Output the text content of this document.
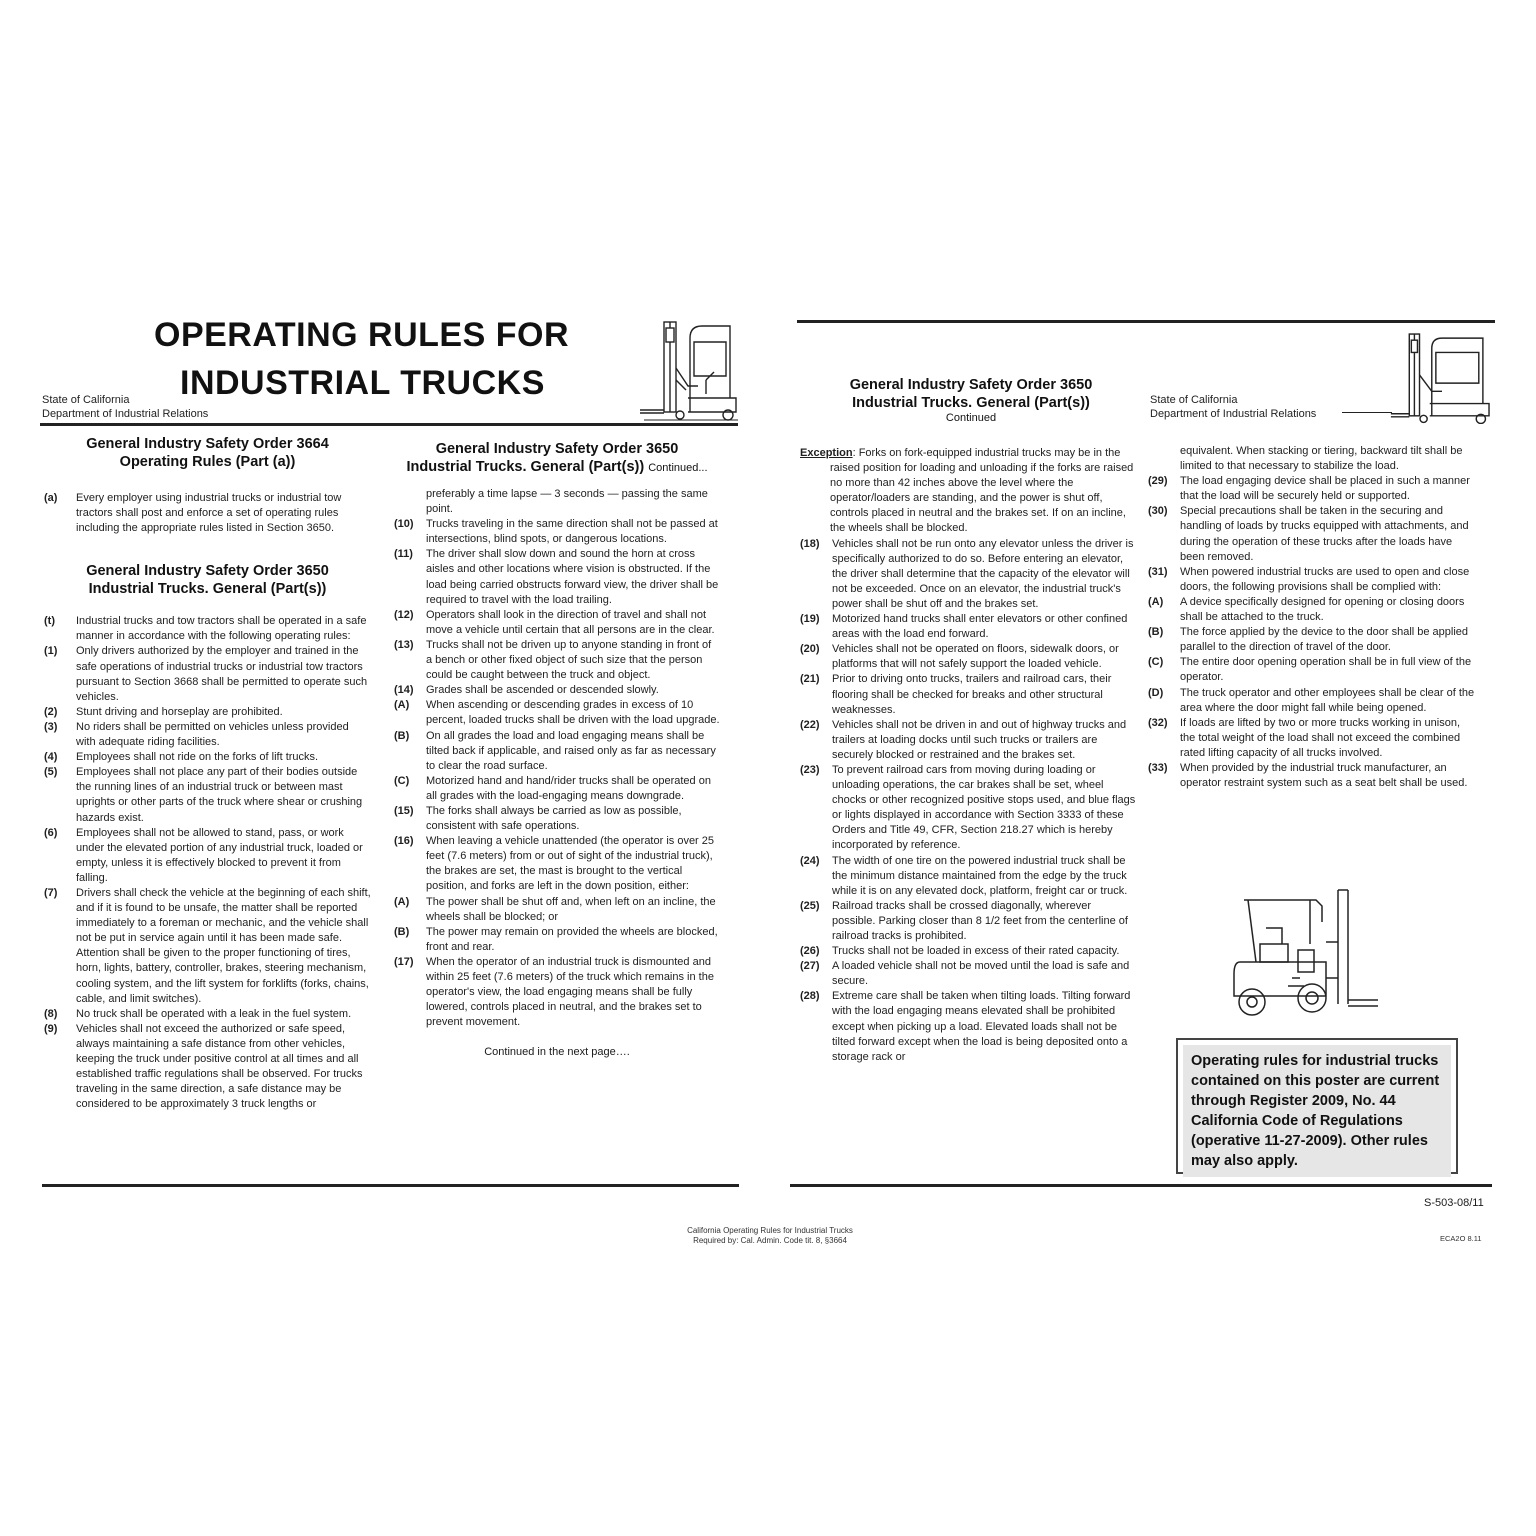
OPERATING RULES FOR
INDUSTRIAL TRUCKS
State of California
Department of Industrial Relations
General Industry Safety Order 3664
Operating Rules (Part (a))
(a)	Every employer using industrial trucks or industrial tow tractors shall post and enforce a set of operating rules including the appropriate rules listed in Section 3650.
General Industry Safety Order 3650
Industrial Trucks. General (Part(s))
(t)	Industrial trucks and tow tractors shall be operated in a safe manner in accordance with the following operating rules:
(1)	Only drivers authorized by the employer and trained in the safe operations of industrial trucks or industrial tow tractors pursuant to Section 3668 shall be permitted to operate such vehicles.
(2)	Stunt driving and horseplay are prohibited.
(3)	No riders shall be permitted on vehicles unless provided with adequate riding facilities.
(4)	Employees shall not ride on the forks of lift trucks.
(5)	Employees shall not place any part of their bodies outside the running lines of an industrial truck or between mast uprights or other parts of the truck where shear or crushing hazards exist.
(6)	Employees shall not be allowed to stand, pass, or work under the elevated portion of any industrial truck, loaded or empty, unless it is effectively blocked to prevent it from falling.
(7)	Drivers shall check the vehicle at the beginning of each shift, and if it is found to be unsafe, the matter shall be reported immediately to a foreman or mechanic, and the vehicle shall not be put in service again until it has been made safe. Attention shall be given to the proper functioning of tires, horn, lights, battery, controller, brakes, steering mechanism, cooling system, and the lift system for forklifts (forks, chains, cable, and limit switches).
(8)	No truck shall be operated with a leak in the fuel system.
(9)	Vehicles shall not exceed the authorized or safe speed, always maintaining a safe distance from other vehicles, keeping the truck under positive control at all times and all established traffic regulations shall be observed. For trucks traveling in the same direction, a safe distance may be considered to be approximately 3 truck lengths or
General Industry Safety Order 3650
Industrial Trucks. General (Part(s)) Continued...
preferably a time lapse — 3 seconds — passing the same point.
(10)	Trucks traveling in the same direction shall not be passed at intersections, blind spots, or dangerous locations.
(11)	The driver shall slow down and sound the horn at cross aisles and other locations where vision is obstructed. If the load being carried obstructs forward view, the driver shall be required to travel with the load trailing.
(12)	Operators shall look in the direction of travel and shall not move a vehicle until certain that all persons are in the clear.
(13)	Trucks shall not be driven up to anyone standing in front of a bench or other fixed object of such size that the person could be caught between the truck and object.
(14)	Grades shall be ascended or descended slowly.
(A)	When ascending or descending grades in excess of 10 percent, loaded trucks shall be driven with the load upgrade.
(B)	On all grades the load and load engaging means shall be tilted back if applicable, and raised only as far as necessary to clear the road surface.
(C)	Motorized hand and hand/rider trucks shall be operated on all grades with the load-engaging means downgrade.
(15)	The forks shall always be carried as low as possible, consistent with safe operations.
(16)	When leaving a vehicle unattended (the operator is over 25 feet (7.6 meters) from or out of sight of the industrial truck), the brakes are set, the mast is brought to the vertical position, and forks are left in the down position, either:
(A)	The power shall be shut off and, when left on an incline, the wheels shall be blocked; or
(B)	The power may remain on provided the wheels are blocked, front and rear.
(17)	When the operator of an industrial truck is dismounted and within 25 feet (7.6 meters) of the truck which remains in the operator's view, the load engaging means shall be fully lowered, controls placed in neutral, and the brakes set to prevent movement.
Continued in the next page….
General Industry Safety Order 3650
Industrial Trucks. General (Part(s))
Continued
State of California
Department of Industrial Relations
Exception: Forks on fork-equipped industrial trucks may be in the raised position for loading and unloading if the forks are raised no more than 42 inches above the level where the operator/loaders are standing, and the power is shut off, controls placed in neutral and the brakes set. If on an incline, the wheels shall be blocked.
(18)	Vehicles shall not be run onto any elevator unless the driver is specifically authorized to do so. Before entering an elevator, the driver shall determine that the capacity of the elevator will not be exceeded. Once on an elevator, the industrial truck's power shall be shut off and the brakes set.
(19)	Motorized hand trucks shall enter elevators or other confined areas with the load end forward.
(20)	Vehicles shall not be operated on floors, sidewalk doors, or platforms that will not safely support the loaded vehicle.
(21)	Prior to driving onto trucks, trailers and railroad cars, their flooring shall be checked for breaks and other structural weaknesses.
(22)	Vehicles shall not be driven in and out of highway trucks and trailers at loading docks until such trucks or trailers are securely blocked or restrained and the brakes set.
(23)	To prevent railroad cars from moving during loading or unloading operations, the car brakes shall be set, wheel chocks or other recognized positive stops used, and blue flags or lights displayed in accordance with Section 3333 of these Orders and Title 49, CFR, Section 218.27 which is hereby incorporated by reference.
(24)	The width of one tire on the powered industrial truck shall be the minimum distance maintained from the edge by the truck while it is on any elevated dock, platform, freight car or truck.
(25)	Railroad tracks shall be crossed diagonally, wherever possible. Parking closer than 8 1/2 feet from the centerline of railroad tracks is prohibited.
(26)	Trucks shall not be loaded in excess of their rated capacity.
(27)	A loaded vehicle shall not be moved until the load is safe and secure.
(28)	Extreme care shall be taken when tilting loads. Tilting forward with the load engaging means elevated shall be prohibited except when picking up a load. Elevated loads shall not be tilted forward except when the load is being deposited onto a storage rack or
equivalent. When stacking or tiering, backward tilt shall be limited to that necessary to stabilize the load.
(29)	The load engaging device shall be placed in such a manner that the load will be securely held or supported.
(30)	Special precautions shall be taken in the securing and handling of loads by trucks equipped with attachments, and during the operation of these trucks after the loads have been removed.
(31)	When powered industrial trucks are used to open and close doors, the following provisions shall be complied with:
(A)	A device specifically designed for opening or closing doors shall be attached to the truck.
(B)	The force applied by the device to the door shall be applied parallel to the direction of travel of the door.
(C)	The entire door opening operation shall be in full view of the operator.
(D)	The truck operator and other employees shall be clear of the area where the door might fall while being opened.
(32)	If loads are lifted by two or more trucks working in unison, the total weight of the load shall not exceed the combined rated lifting capacity of all trucks involved.
(33)	When provided by the industrial truck manufacturer, an operator restraint system such as a seat belt shall be used.
Operating rules for industrial trucks contained on this poster are current through Register 2009, No. 44 California Code of Regulations (operative 11-27-2009). Other rules may also apply.
S-503-08/11
California Operating Rules for Industrial Trucks
Required by: Cal. Admin. Code tit. 8, §3664	ECA2O 8.11
